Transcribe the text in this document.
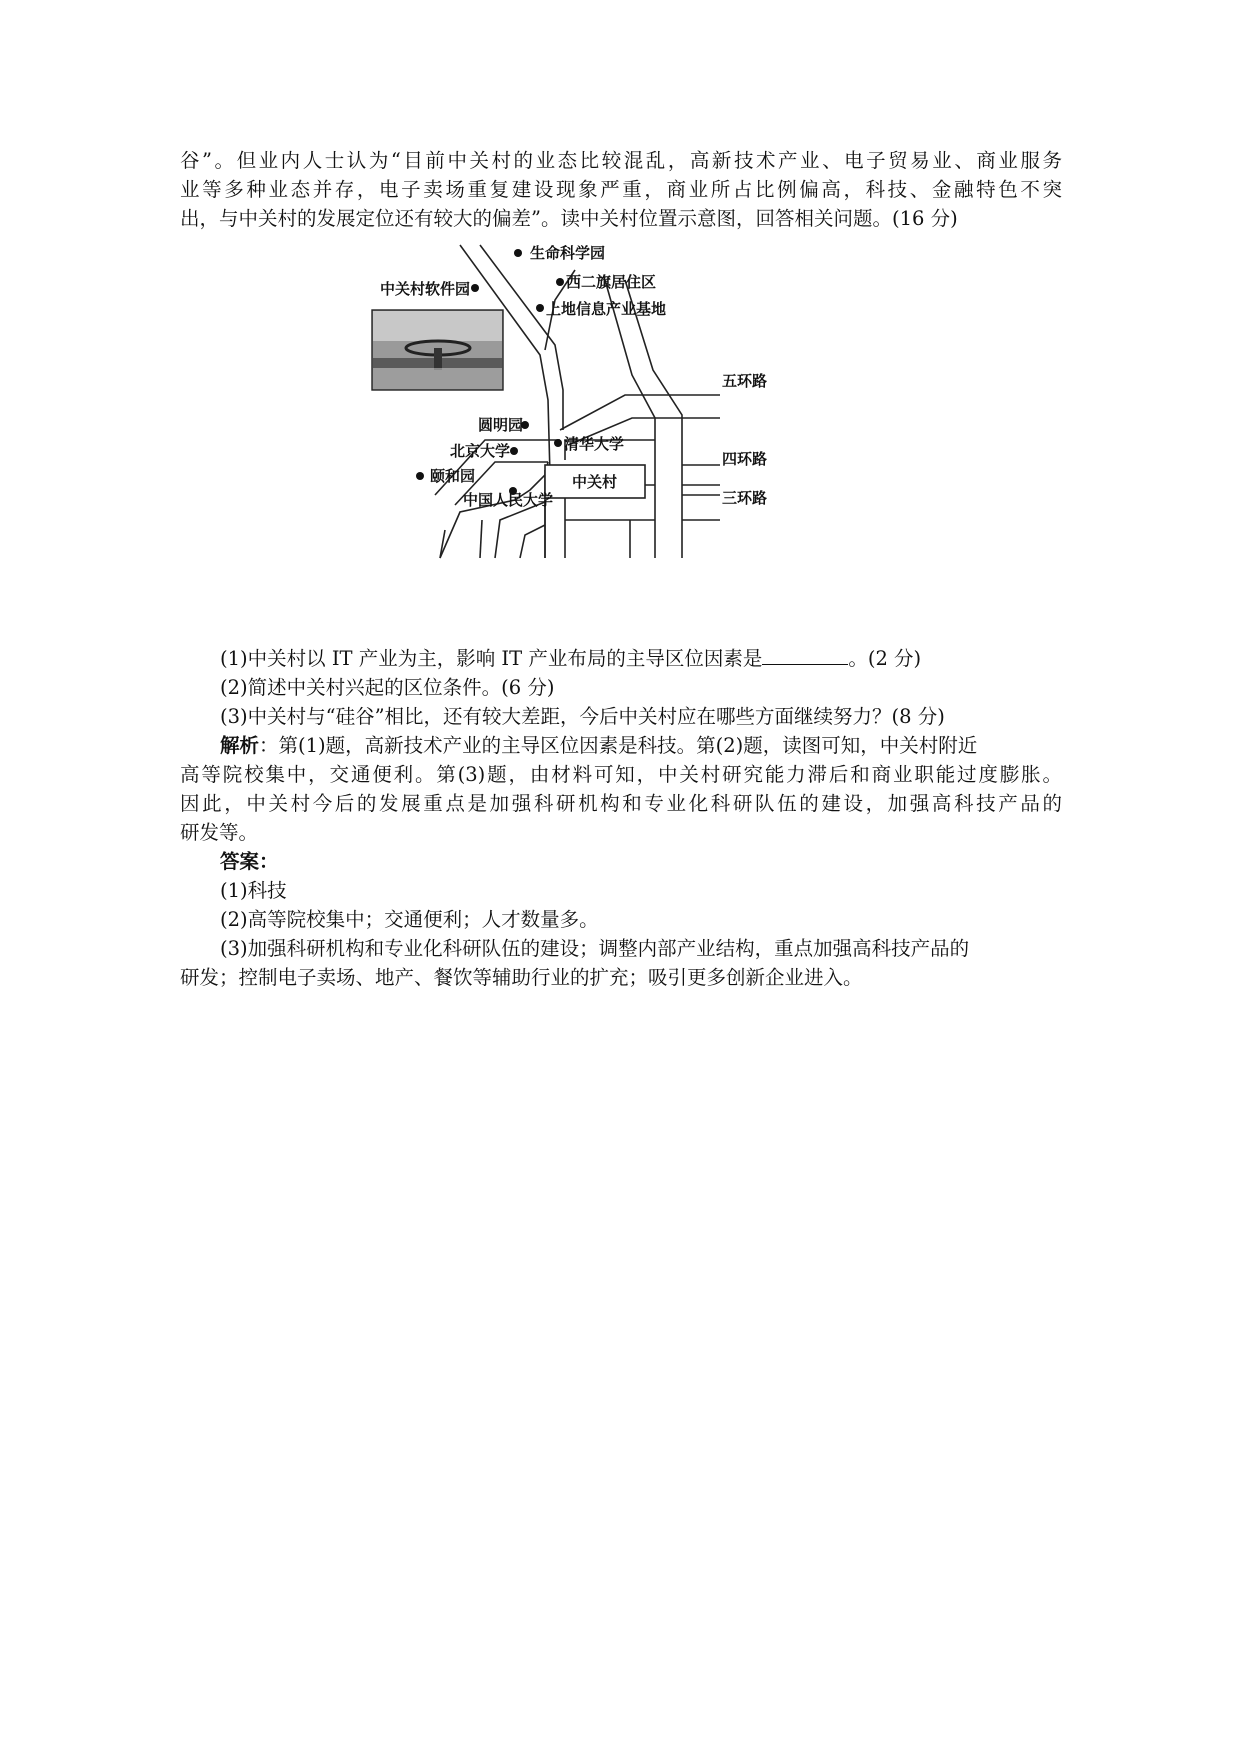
谷”。但业内人士认为“目前中关村的业态比较混乱，高新技术产业、电子贸易业、商业服务
业等多种业态并存，电子卖场重复建设现象严重，商业所占比例偏高，科技、金融特色不突
出，与中关村的发展定位还有较大的偏差”。读中关村位置示意图，回答相关问题。(16 分)
生命科学园
西二旗居住区
上地信息产业基地
中关村软件园
五环路
圆明园
北京大学	清华大学
颐和园
四环路
中关村
中国人民大学	三环路
(1)中关村以 IT 产业为主，影响 IT 产业布局的主导区位因素是	。(2 分)
(2)简述中关村兴起的区位条件。(6 分)
(3)中关村与“硅谷”相比，还有较大差距，今后中关村应在哪些方面继续努力？(8 分)
解析：第(1)题，高新技术产业的主导区位因素是科技。第(2)题，读图可知，中关村附近
高等院校集中，交通便利。第(3)题，由材料可知，中关村研究能力滞后和商业职能过度膨胀。
因此，中关村今后的发展重点是加强科研机构和专业化科研队伍的建设，加强高科技产品的
研发等。
答案：
(1)科技
(2)高等院校集中；交通便利；人才数量多。
(3)加强科研机构和专业化科研队伍的建设；调整内部产业结构，重点加强高科技产品的
研发；控制电子卖场、地产、餐饮等辅助行业的扩充；吸引更多创新企业进入。
